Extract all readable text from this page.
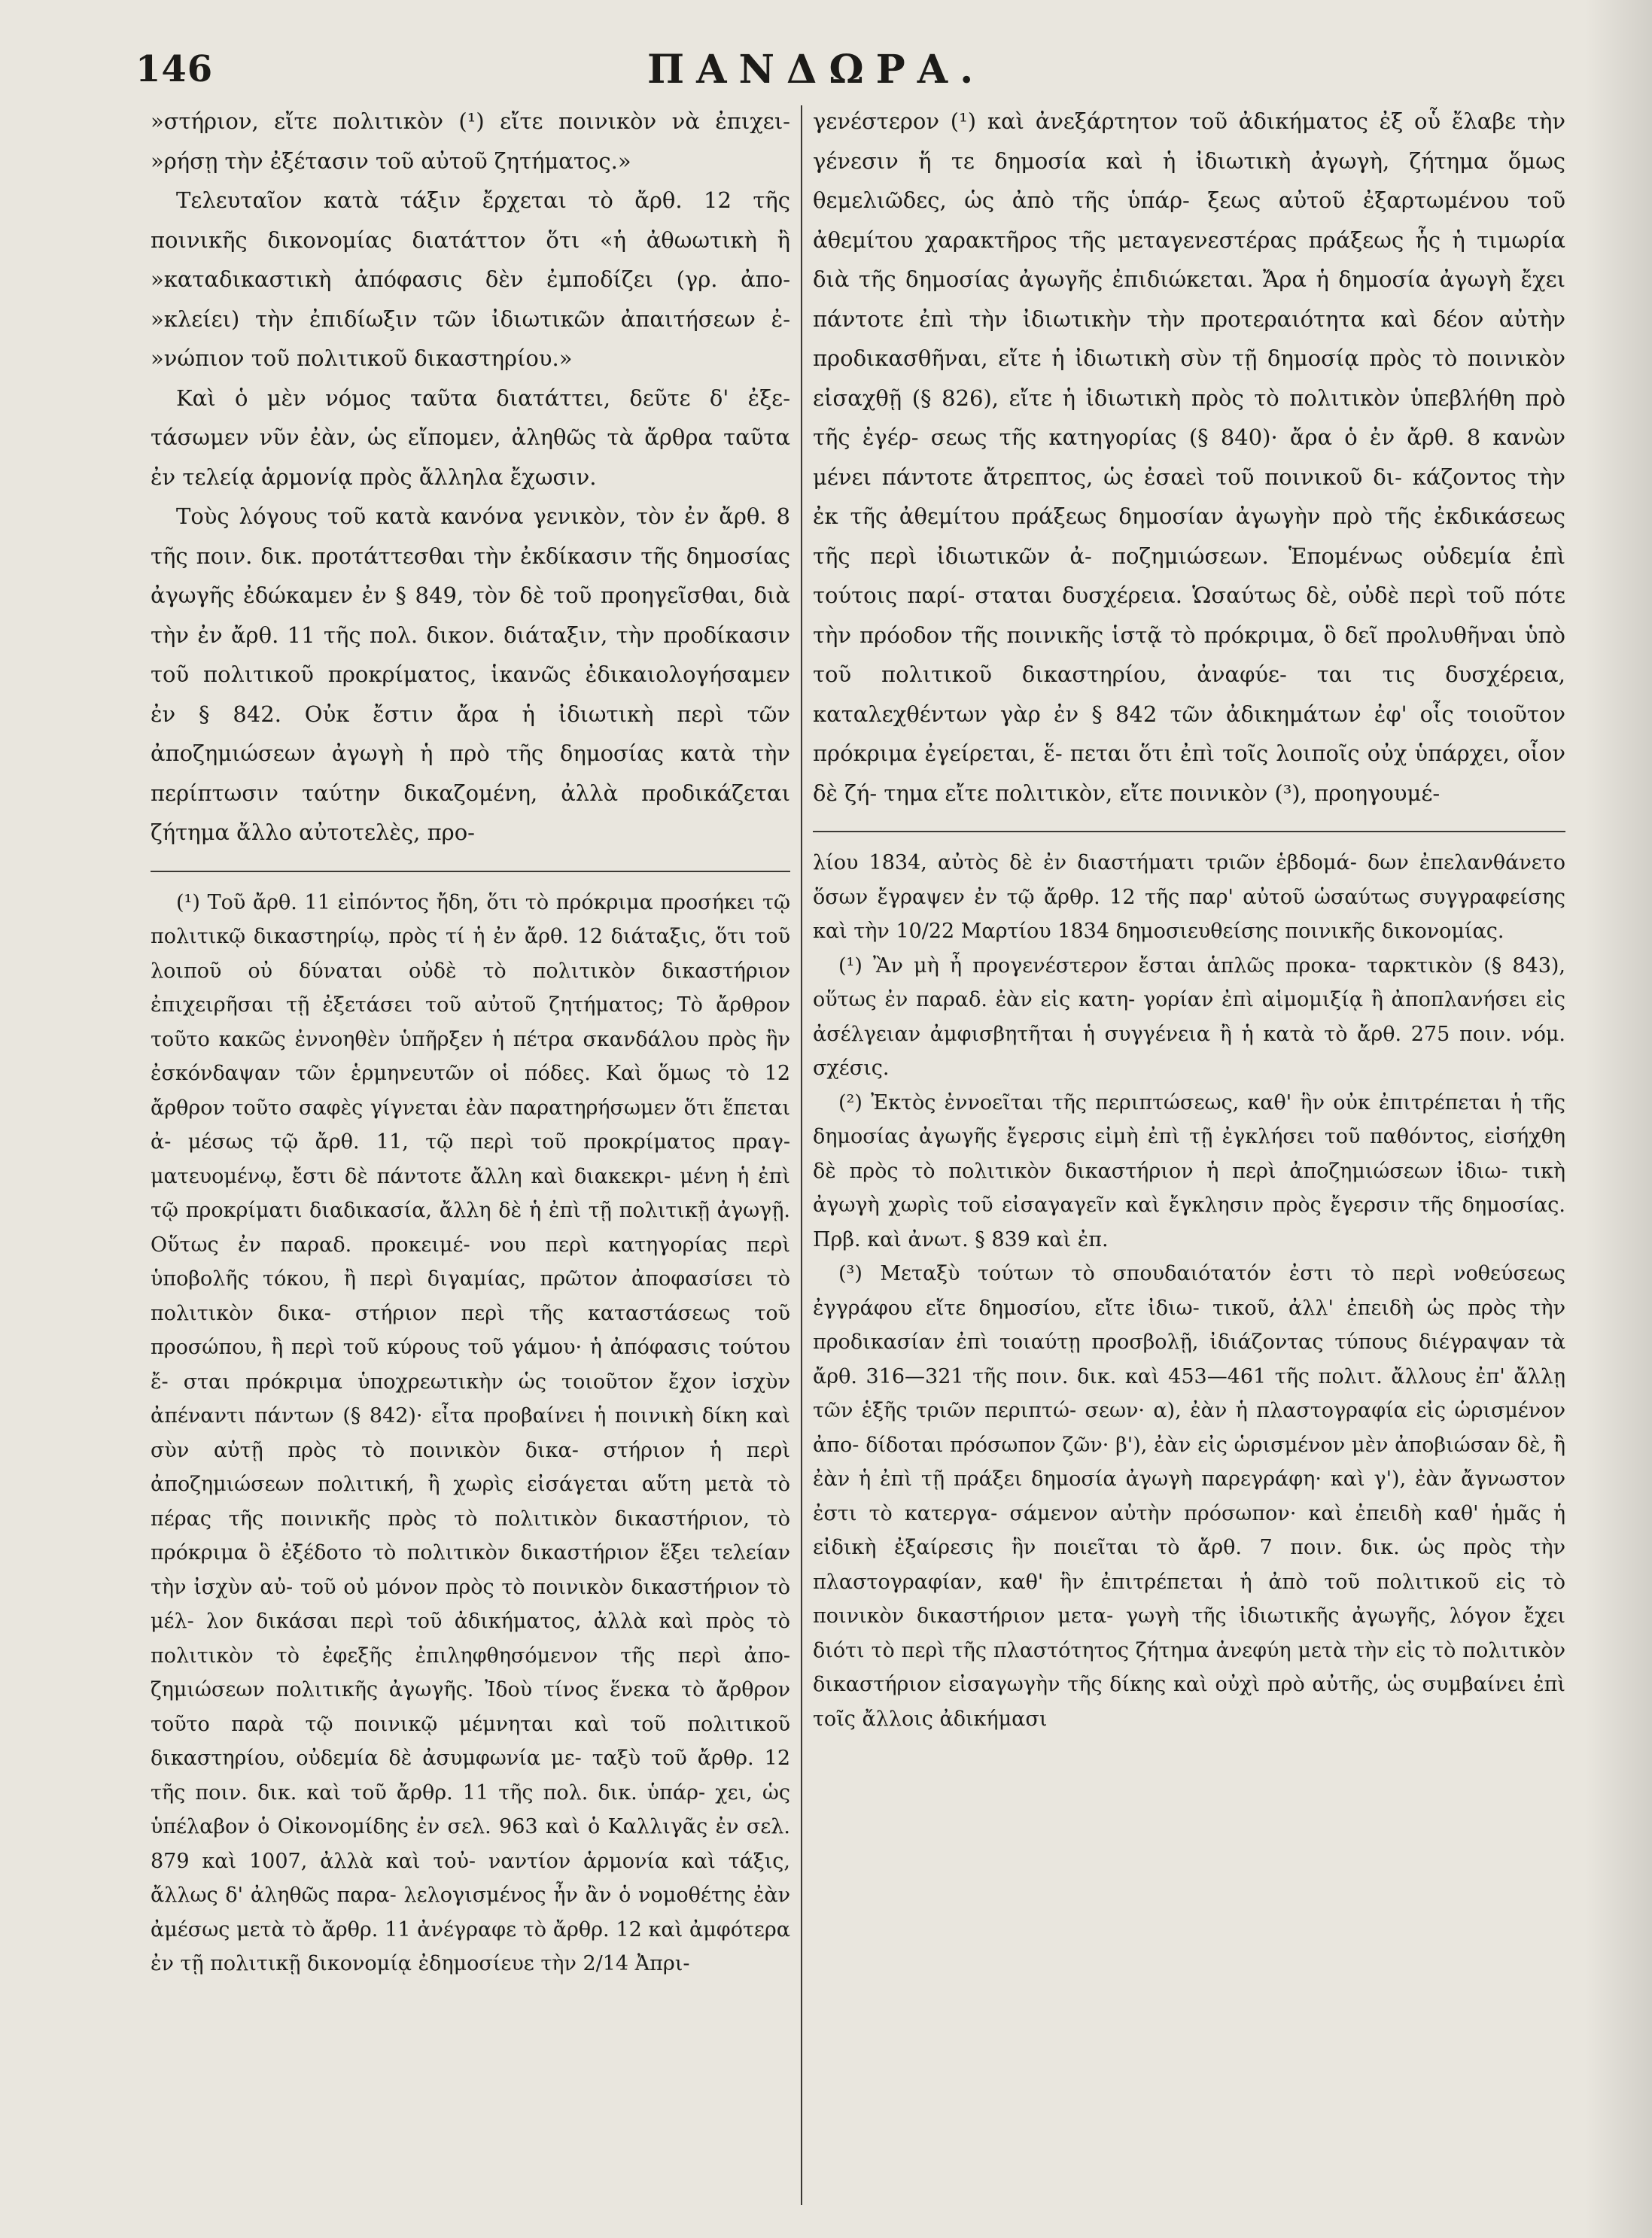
146	ΠΑΝΔΩΡΑ.

»στήριον, εἴτε πολιτικὸν (¹) εἴτε ποινικὸν νὰ ἐπιχει- »ρήσῃ τὴν ἐξέτασιν τοῦ αὐτοῦ ζητήματος.»

Τελευταῖον κατὰ τάξιν ἔρχεται τὸ ἄρθ. 12 τῆς ποινικῆς δικονομίας διατάττον ὅτι «ἡ ἀθωωτικὴ ἢ »καταδικαστικὴ ἀπόφασις δὲν ἐμποδίζει (γρ. ἀπο- »κλείει) τὴν ἐπιδίωξιν τῶν ἰδιωτικῶν ἀπαιτήσεων ἐ- »νώπιον τοῦ πολιτικοῦ δικαστηρίου.»

Καὶ ὁ μὲν νόμος ταῦτα διατάττει, δεῦτε δ' ἐξε- τάσωμεν νῦν ἐὰν, ὡς εἴπομεν, ἀληθῶς τὰ ἄρθρα ταῦτα ἐν τελείᾳ ἁρμονίᾳ πρὸς ἄλληλα ἔχωσιν.

Τοὺς λόγους τοῦ κατὰ κανόνα γενικὸν, τὸν ἐν ἄρθ. 8 τῆς ποιν. δικ. προτάττεσθαι τὴν ἐκδίκασιν τῆς δημοσίας ἀγωγῆς ἐδώκαμεν ἐν § 849, τὸν δὲ τοῦ προηγεῖσθαι, διὰ τὴν ἐν ἄρθ. 11 τῆς πολ. δικον. διάταξιν, τὴν προδίκασιν τοῦ πολιτικοῦ προκρίματος, ἱκανῶς ἐδικαιολογήσαμεν ἐν § 842. Οὐκ ἔστιν ἄρα ἡ ἰδιωτικὴ περὶ τῶν ἀποζημιώσεων ἀγωγὴ ἡ πρὸ τῆς δημοσίας κατὰ τὴν περίπτωσιν ταύτην δικαζομένη, ἀλλὰ προδικάζεται ζήτημα ἄλλο αὐτοτελὲς, προ-

(¹) Τοῦ ἄρθ. 11 εἰπόντος ἤδη, ὅτι τὸ πρόκριμα προσήκει τῷ πολιτικῷ δικαστηρίῳ, πρὸς τί ἡ ἐν ἄρθ. 12 διάταξις, ὅτι τοῦ λοιποῦ οὐ δύναται οὐδὲ τὸ πολιτικὸν δικαστήριον ἐπιχειρῆσαι τῇ ἐξετάσει τοῦ αὐτοῦ ζητήματος; Τὸ ἄρθρον τοῦτο κακῶς ἐννοηθὲν ὑπῆρξεν ἡ πέτρα σκανδάλου πρὸς ἣν ἐσκόνδαψαν τῶν ἑρμηνευτῶν οἱ πόδες. Καὶ ὅμως τὸ 12 ἄρθρον τοῦτο σαφὲς γίγνεται ἐὰν παρατηρήσωμεν ὅτι ἕπεται ἀ- μέσως τῷ ἄρθ. 11, τῷ περὶ τοῦ προκρίματος πραγ- ματευομένῳ, ἔστι δὲ πάντοτε ἄλλη καὶ διακεκρι- μένη ἡ ἐπὶ τῷ προκρίματι διαδικασία, ἄλλη δὲ ἡ ἐπὶ τῇ πολιτικῇ ἀγωγῇ. Οὕτως ἐν παραδ. προκειμέ- νου περὶ κατηγορίας περὶ ὑποβολῆς τόκου, ἢ περὶ διγαμίας, πρῶτον ἀποφασίσει τὸ πολιτικὸν δικα- στήριον περὶ τῆς καταστάσεως τοῦ προσώπου, ἢ περὶ τοῦ κύρους τοῦ γάμου· ἡ ἀπόφασις τούτου ἔ- σται πρόκριμα ὑποχρεωτικὴν ὡς τοιοῦτον ἔχον ἰσχὺν ἀπέναντι πάντων (§ 842)· εἶτα προβαίνει ἡ ποινικὴ δίκη καὶ σὺν αὐτῇ πρὸς τὸ ποινικὸν δικα- στήριον ἡ περὶ ἀποζημιώσεων πολιτική, ἢ χωρὶς εἰσάγεται αὕτη μετὰ τὸ πέρας τῆς ποινικῆς πρὸς τὸ πολιτικὸν δικαστήριον, τὸ πρόκριμα ὃ ἐξέδοτο τὸ πολιτικὸν δικαστήριον ἕξει τελείαν τὴν ἰσχὺν αὐ- τοῦ οὐ μόνον πρὸς τὸ ποινικὸν δικαστήριον τὸ μέλ- λον δικάσαι περὶ τοῦ ἀδικήματος, ἀλλὰ καὶ πρὸς τὸ πολιτικὸν τὸ ἐφεξῆς ἐπιληφθησόμενον τῆς περὶ ἀπο- ζημιώσεων πολιτικῆς ἀγωγῆς. Ἰδοὺ τίνος ἕνεκα τὸ ἄρθρον τοῦτο παρὰ τῷ ποινικῷ μέμνηται καὶ τοῦ πολιτικοῦ δικαστηρίου, οὐδεμία δὲ ἀσυμφωνία με- ταξὺ τοῦ ἄρθρ. 12 τῆς ποιν. δικ. καὶ τοῦ ἄρθρ. 11 τῆς πολ. δικ. ὑπάρ- χει, ὡς ὑπέλαβον ὁ Οἰκονομίδης ἐν σελ. 963 καὶ ὁ Καλλιγᾶς ἐν σελ. 879 καὶ 1007, ἀλλὰ καὶ τοὐ- ναντίον ἁρμονία καὶ τάξις, ἄλλως δ' ἀληθῶς παρα- λελογισμένος ἦν ἂν ὁ νομοθέτης ἐὰν ἀμέσως μετὰ τὸ ἄρθρ. 11 ἀνέγραφε τὸ ἄρθρ. 12 καὶ ἀμφότερα ἐν τῇ πολιτικῇ δικονομίᾳ ἐδημοσίευε τὴν 2/14 Ἀπρι-

γενέστερον (¹) καὶ ἀνεξάρτητον τοῦ ἀδικήματος ἐξ οὗ ἔλαβε τὴν γένεσιν ἥ τε δημοσία καὶ ἡ ἰδιωτικὴ ἀγωγὴ, ζήτημα ὅμως θεμελιῶδες, ὡς ἀπὸ τῆς ὑπάρ- ξεως αὐτοῦ ἐξαρτωμένου τοῦ ἀθεμίτου χαρακτῆρος τῆς μεταγενεστέρας πράξεως ἧς ἡ τιμωρία διὰ τῆς δημοσίας ἀγωγῆς ἐπιδιώκεται. Ἄρα ἡ δημοσία ἀγωγὴ ἔχει πάντοτε ἐπὶ τὴν ἰδιωτικὴν τὴν προτεραιότητα καὶ δέον αὐτὴν προδικασθῆναι, εἴτε ἡ ἰδιωτικὴ σὺν τῇ δημοσίᾳ πρὸς τὸ ποινικὸν εἰσαχθῇ (§ 826), εἴτε ἡ ἰδιωτικὴ πρὸς τὸ πολιτικὸν ὑπεβλήθη πρὸ τῆς ἐγέρ- σεως τῆς κατηγορίας (§ 840)· ἄρα ὁ ἐν ἄρθ. 8 κανὼν μένει πάντοτε ἄτρεπτος, ὡς ἐσαεὶ τοῦ ποινικοῦ δι- κάζοντος τὴν ἐκ τῆς ἀθεμίτου πράξεως δημοσίαν ἀγωγὴν πρὸ τῆς ἐκδικάσεως τῆς περὶ ἰδιωτικῶν ἀ- ποζημιώσεων. Ἑπομένως οὐδεμία ἐπὶ τούτοις παρί- σταται δυσχέρεια. Ὡσαύτως δὲ, οὐδὲ περὶ τοῦ πότε τὴν πρόοδον τῆς ποινικῆς ἱστᾷ τὸ πρόκριμα, ὃ δεῖ προλυθῆναι ὑπὸ τοῦ πολιτικοῦ δικαστηρίου, ἀναφύε- ται τις δυσχέρεια, καταλεχθέντων γὰρ ἐν § 842 τῶν ἀδικημάτων ἐφ' οἷς τοιοῦτον πρόκριμα ἐγείρεται, ἕ- πεται ὅτι ἐπὶ τοῖς λοιποῖς οὐχ ὑπάρχει, οἷον δὲ ζή- τημα εἴτε πολιτικὸν, εἴτε ποινικὸν (³), προηγουμέ-

λίου 1834, αὐτὸς δὲ ἐν διαστήματι τριῶν ἑβδομά- δων ἐπελανθάνετο ὅσων ἔγραψεν ἐν τῷ ἄρθρ. 12 τῆς παρ' αὐτοῦ ὡσαύτως συγγραφείσης καὶ τὴν 10/22 Μαρτίου 1834 δημοσιευθείσης ποινικῆς δικονομίας.

(¹) Ἂν μὴ ἦ προγενέστερον ἔσται ἁπλῶς προκα- ταρκτικὸν (§ 843), οὕτως ἐν παραδ. ἐὰν εἰς κατη- γορίαν ἐπὶ αἱμομιξίᾳ ἢ ἀποπλανήσει εἰς ἀσέλγειαν ἀμφισβητῆται ἡ συγγένεια ἢ ἡ κατὰ τὸ ἄρθ. 275 ποιν. νόμ. σχέσις.

(²) Ἐκτὸς ἐννοεῖται τῆς περιπτώσεως, καθ' ἣν οὐκ ἐπιτρέπεται ἡ τῆς δημοσίας ἀγωγῆς ἔγερσις εἰμὴ ἐπὶ τῇ ἐγκλήσει τοῦ παθόντος, εἰσήχθη δὲ πρὸς τὸ πολιτικὸν δικαστήριον ἡ περὶ ἀποζημιώσεων ἰδιω- τικὴ ἀγωγὴ χωρὶς τοῦ εἰσαγαγεῖν καὶ ἔγκλησιν πρὸς ἔγερσιν τῆς δημοσίας. Πρβ. καὶ ἀνωτ. § 839 καὶ ἐπ.

(³) Μεταξὺ τούτων τὸ σπουδαιότατόν ἐστι τὸ περὶ νοθεύσεως ἐγγράφου εἴτε δημοσίου, εἴτε ἰδιω- τικοῦ, ἀλλ' ἐπειδὴ ὡς πρὸς τὴν προδικασίαν ἐπὶ τοιαύτῃ προσβολῇ, ἰδιάζοντας τύπους διέγραψαν τὰ ἄρθ. 316—321 τῆς ποιν. δικ. καὶ 453—461 τῆς πολιτ. ἄλλους ἐπ' ἄλλῃ τῶν ἑξῆς τριῶν περιπτώ- σεων· α), ἐὰν ἡ πλαστογραφία εἰς ὡρισμένον ἀπο- δίδοται πρόσωπον ζῶν· β'), ἐὰν εἰς ὡρισμένον μὲν ἀποβιώσαν δὲ, ἢ ἐὰν ἡ ἐπὶ τῇ πράξει δημοσία ἀγωγὴ παρεγράφη· καὶ γ'), ἐὰν ἄγνωστον ἐστι τὸ κατεργα- σάμενον αὐτὴν πρόσωπον· καὶ ἐπειδὴ καθ' ἡμᾶς ἡ εἰδικὴ ἐξαίρεσις ἣν ποιεῖται τὸ ἄρθ. 7 ποιν. δικ. ὡς πρὸς τὴν πλαστογραφίαν, καθ' ἣν ἐπιτρέπεται ἡ ἀπὸ τοῦ πολιτικοῦ εἰς τὸ ποινικὸν δικαστήριον μετα- γωγὴ τῆς ἰδιωτικῆς ἀγωγῆς, λόγον ἔχει διότι τὸ περὶ τῆς πλαστότητος ζήτημα ἀνεφύη μετὰ τὴν εἰς τὸ πολιτικὸν δικαστήριον εἰσαγωγὴν τῆς δίκης καὶ οὐχὶ πρὸ αὐτῆς, ὡς συμβαίνει ἐπὶ τοῖς ἄλλοις ἀδικήμασι
